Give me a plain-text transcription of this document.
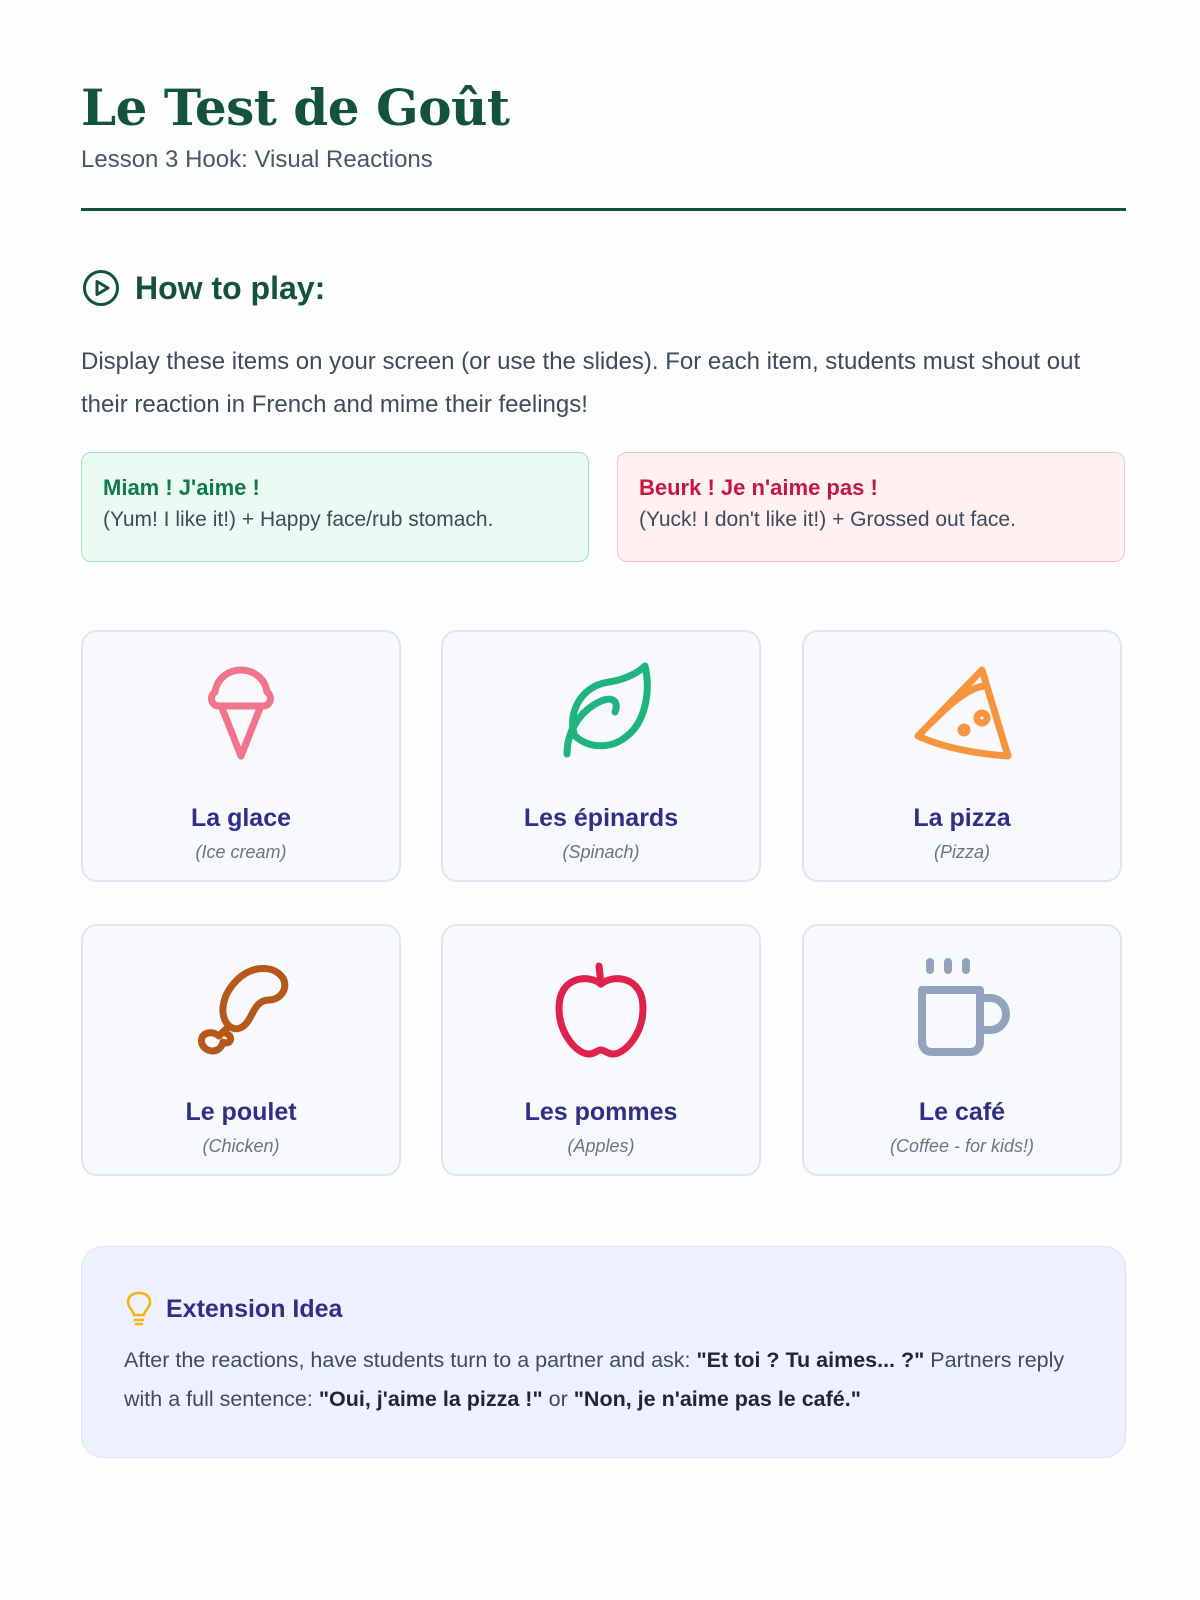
Le Test de Goût
Lesson 3 Hook: Visual Reactions
How to play:

Display these items on your screen (or use the slides). For each item, students must shout out their reaction in French and mime their feelings!

Miam ! J'aime !
(Yum! I like it!) + Happy face/rub stomach.
Beurk ! Je n'aime pas !
(Yuck! I don't like it!) + Grossed out face.
La glace
(Ice cream)
Les épinards
(Spinach)
La pizza
(Pizza)
Le poulet
(Chicken)
Les pommes
(Apples)
Le café
(Coffee - for kids!)
Extension Idea

After the reactions, have students turn to a partner and ask: "Et toi ? Tu aimes... ?" Partners reply with a full sentence: "Oui, j'aime la pizza !" or "Non, je n'aime pas le café."
